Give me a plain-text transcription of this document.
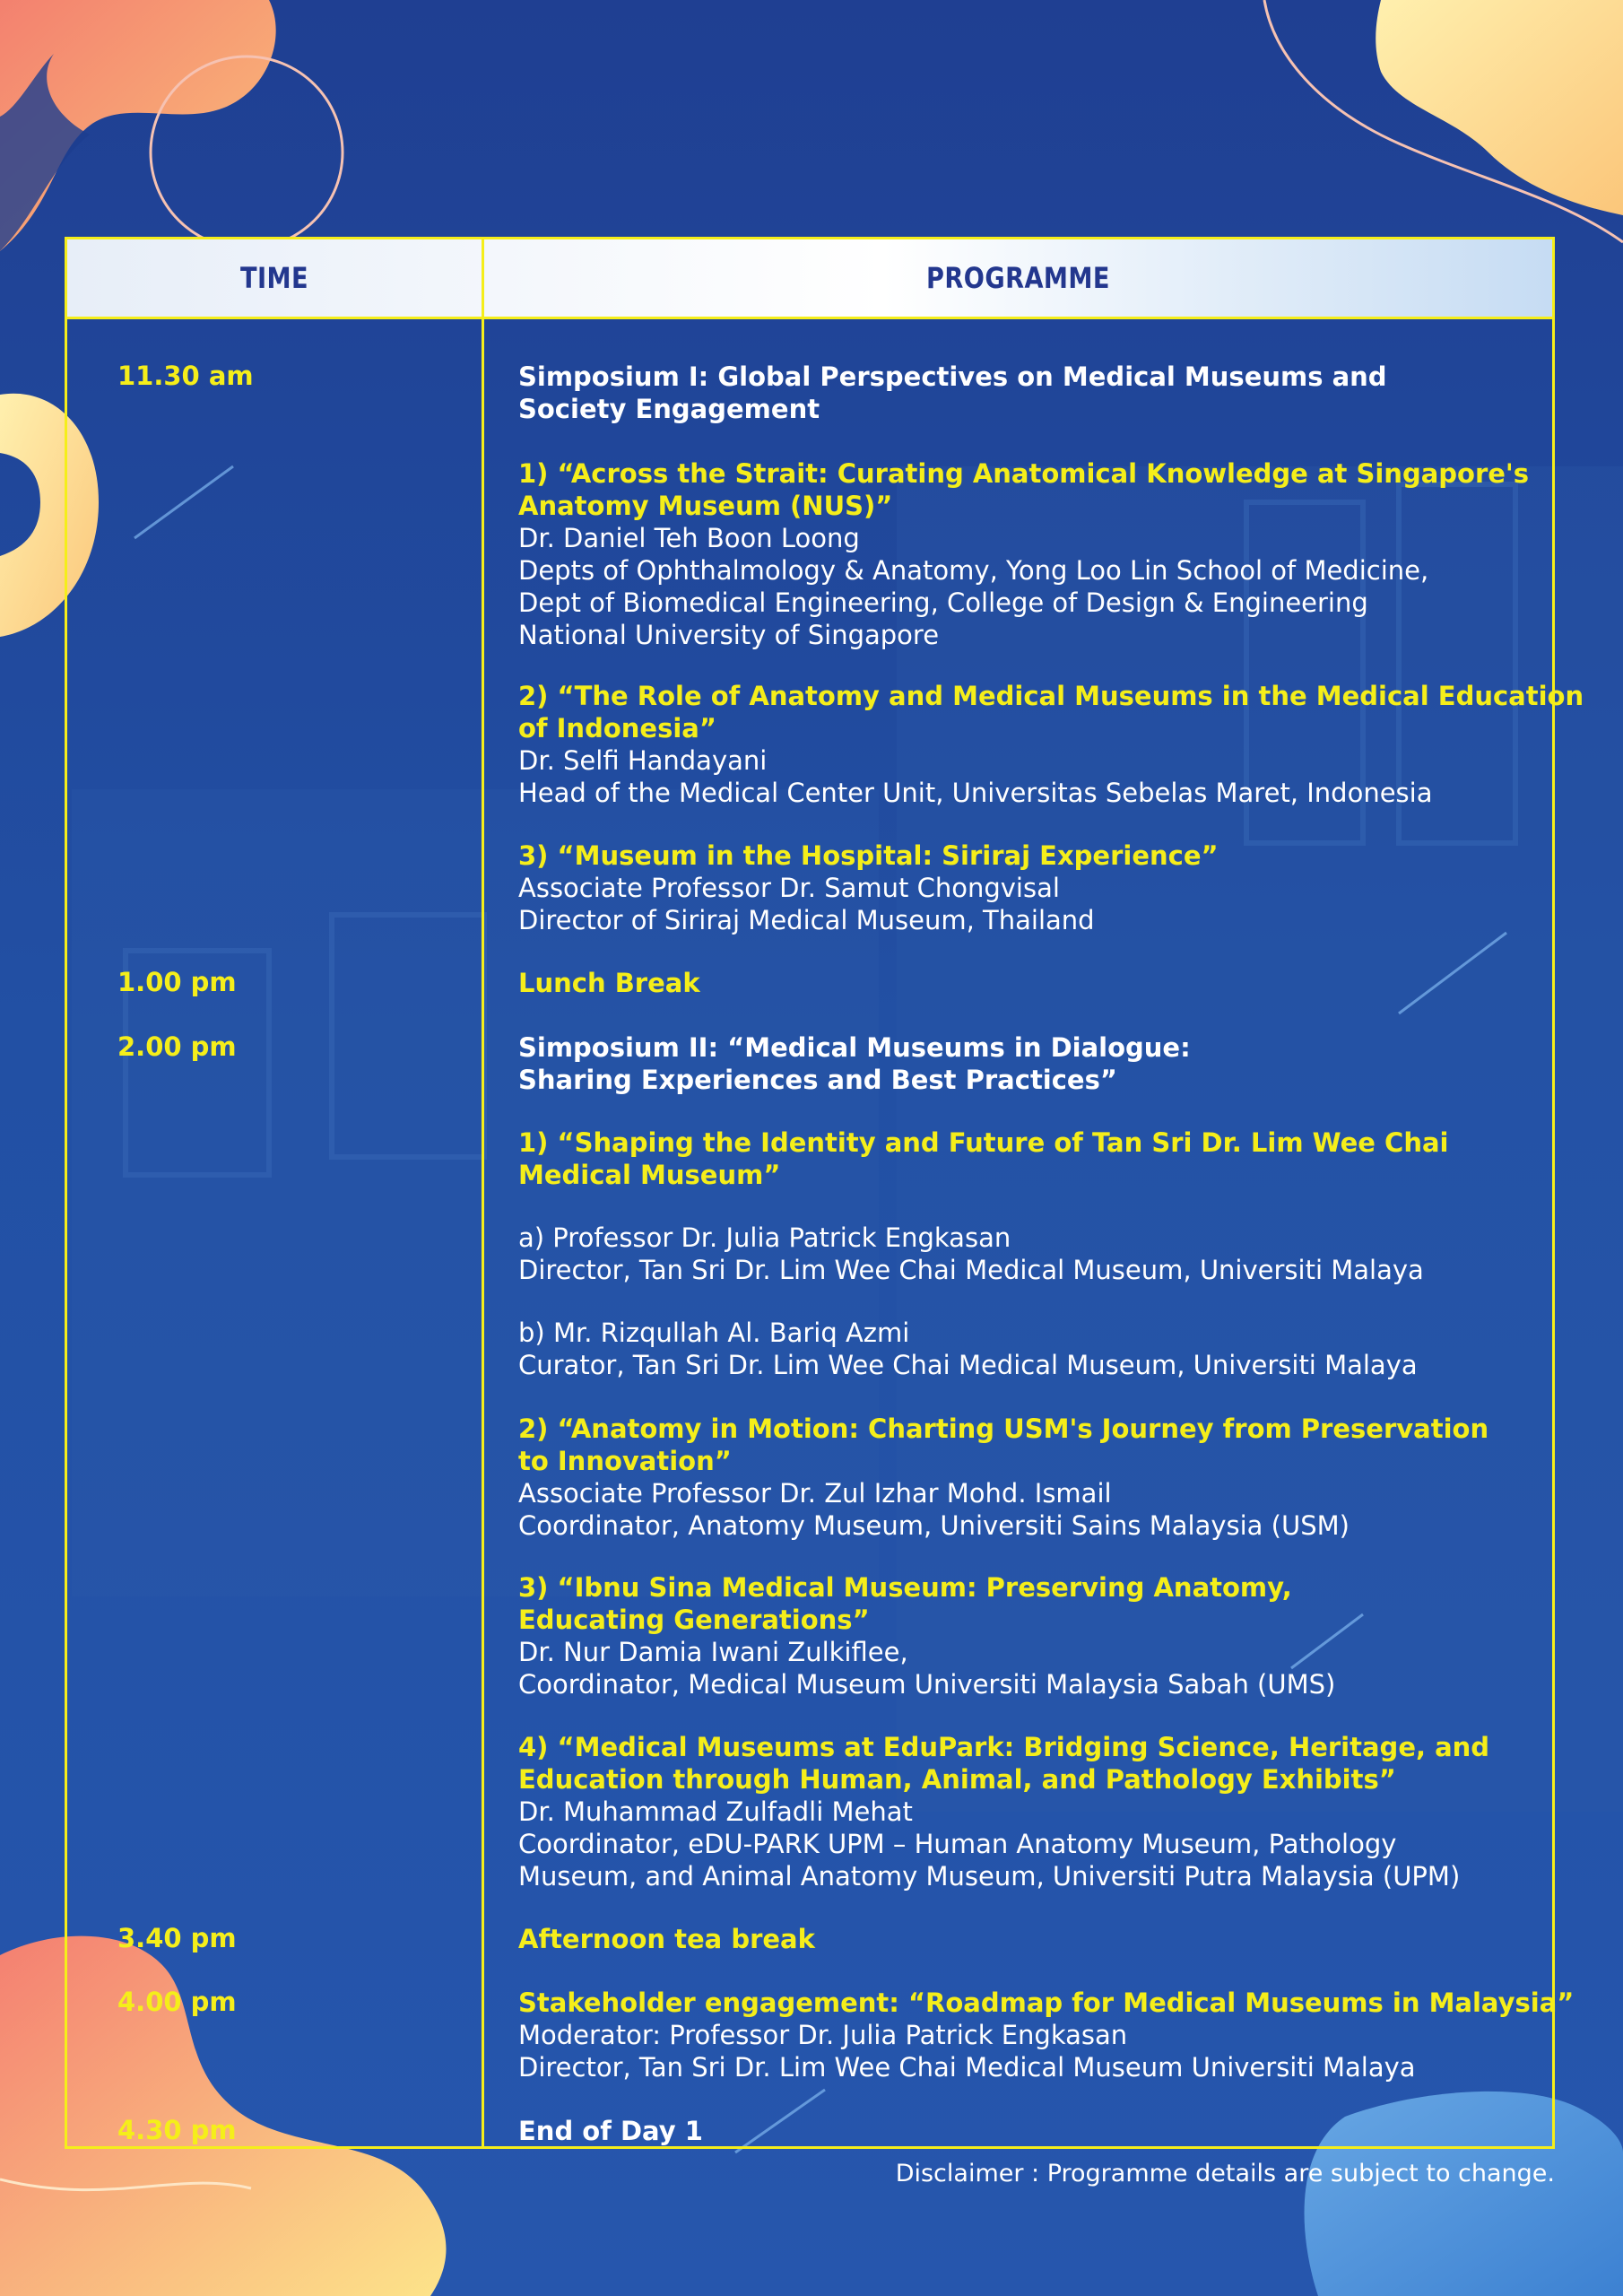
TIME	PROGRAMME
11.30 am	Simposium I: Global Perspectives on Medical Museums and
Society Engagement
1) “Across the Strait: Curating Anatomical Knowledge at Singapore's
Anatomy Museum (NUS)”
Dr. Daniel Teh Boon Loong
Depts of Ophthalmology & Anatomy, Yong Loo Lin School of Medicine,
Dept of Biomedical Engineering, College of Design & Engineering
National University of Singapore
2) “The Role of Anatomy and Medical Museums in the Medical Education
of Indonesia”
Dr. Selfi Handayani
Head of the Medical Center Unit, Universitas Sebelas Maret, Indonesia
3) “Museum in the Hospital: Siriraj Experience”
Associate Professor Dr. Samut Chongvisal
Director of Siriraj Medical Museum, Thailand
1.00 pm	Lunch Break
2.00 pm	Simposium II: “Medical Museums in Dialogue:
Sharing Experiences and Best Practices”
1) “Shaping the Identity and Future of Tan Sri Dr. Lim Wee Chai
Medical Museum”
a) Professor Dr. Julia Patrick Engkasan
Director, Tan Sri Dr. Lim Wee Chai Medical Museum, Universiti Malaya
b) Mr. Rizqullah Al. Bariq Azmi
Curator, Tan Sri Dr. Lim Wee Chai Medical Museum, Universiti Malaya
2) “Anatomy in Motion: Charting USM's Journey from Preservation
to Innovation”
Associate Professor Dr. Zul Izhar Mohd. Ismail
Coordinator, Anatomy Museum, Universiti Sains Malaysia (USM)
3) “Ibnu Sina Medical Museum: Preserving Anatomy,
Educating Generations”
Dr. Nur Damia Iwani Zulkiflee,
Coordinator, Medical Museum Universiti Malaysia Sabah (UMS)
4) “Medical Museums at EduPark: Bridging Science, Heritage, and
Education through Human, Animal, and Pathology Exhibits”
Dr. Muhammad Zulfadli Mehat
Coordinator, eDU-PARK UPM – Human Anatomy Museum, Pathology
Museum, and Animal Anatomy Museum, Universiti Putra Malaysia (UPM)
3.40 pm	Afternoon tea break
4.00 pm	Stakeholder engagement: “Roadmap for Medical Museums in Malaysia”
Moderator: Professor Dr. Julia Patrick Engkasan
Director, Tan Sri Dr. Lim Wee Chai Medical Museum Universiti Malaya
4.30 pm	End of Day 1
Disclaimer : Programme details are subject to change.
